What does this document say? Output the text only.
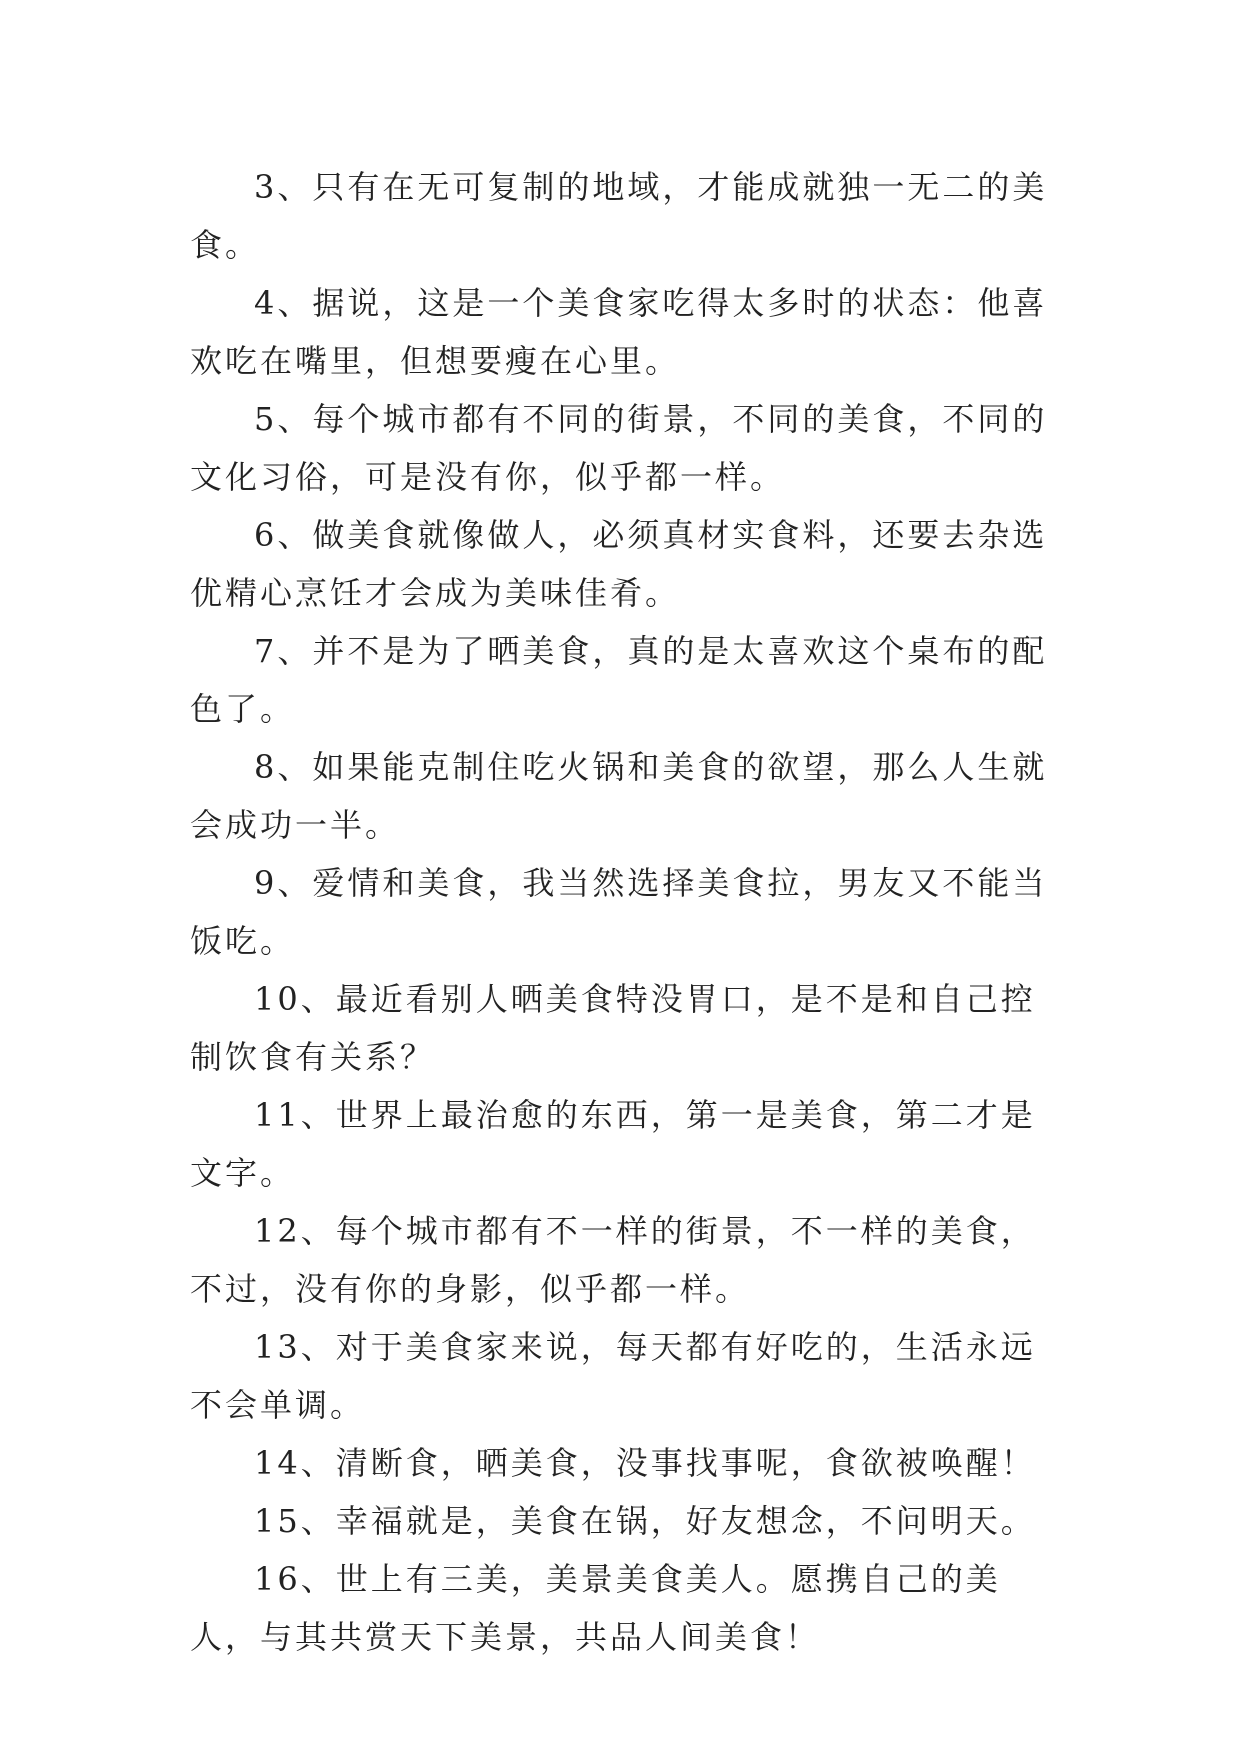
3、只有在无可复制的地域，才能成就独一无二的美食。

4、据说，这是一个美食家吃得太多时的状态：他喜欢吃在嘴里，但想要瘦在心里。

5、每个城市都有不同的街景，不同的美食，不同的文化习俗，可是没有你，似乎都一样。

6、做美食就像做人，必须真材实食料，还要去杂选优精心烹饪才会成为美味佳肴。

7、并不是为了晒美食，真的是太喜欢这个桌布的配色了。

8、如果能克制住吃火锅和美食的欲望，那么人生就会成功一半。

9、爱情和美食，我当然选择美食拉，男友又不能当饭吃。

10、最近看别人晒美食特没胃口，是不是和自己控制饮食有关系？

11、世界上最治愈的东西，第一是美食，第二才是文字。

12、每个城市都有不一样的街景，不一样的美食，不过，没有你的身影，似乎都一样。

13、对于美食家来说，每天都有好吃的，生活永远不会单调。

14、清断食，晒美食，没事找事呢，食欲被唤醒！

15、幸福就是，美食在锅，好友想念，不问明天。

16、世上有三美，美景美食美人。愿携自己的美人，与其共赏天下美景，共品人间美食！
